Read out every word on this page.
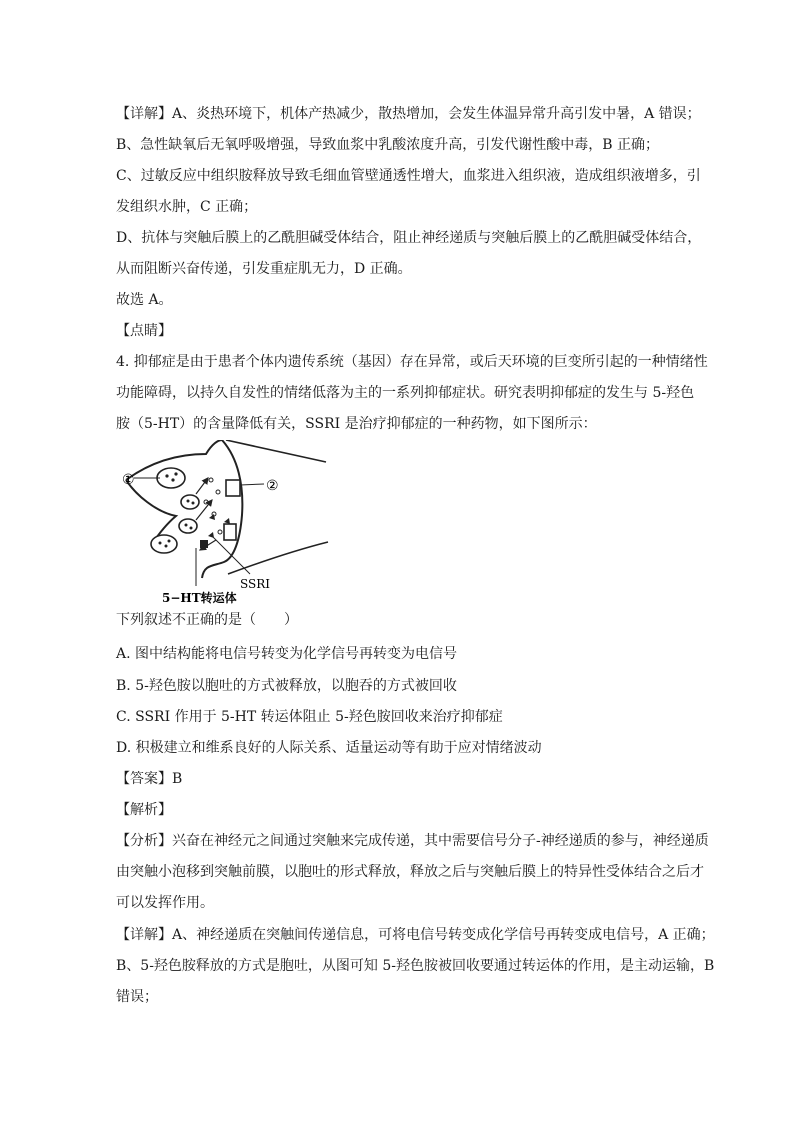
【详解】A、炎热环境下，机体产热减少，散热增加，会发生体温异常升高引发中暑，A 错误；
B、急性缺氧后无氧呼吸增强，导致血浆中乳酸浓度升高，引发代谢性酸中毒，B 正确；
C、过敏反应中组织胺释放导致毛细血管壁通透性增大，血浆进入组织液，造成组织液增多，引
发组织水肿，C 正确；
D、抗体与突触后膜上的乙酰胆碱受体结合，阻止神经递质与突触后膜上的乙酰胆碱受体结合，
从而阻断兴奋传递，引发重症肌无力，D 正确。
故选 A。
【点睛】
4. 抑郁症是由于患者个体内遗传系统（基因）存在异常，或后天环境的巨变所引起的一种情绪性
功能障碍，以持久自发性的情绪低落为主的一系列抑郁症状。研究表明抑郁症的发生与 5-羟色
胺（5-HT）的含量降低有关，SSRI 是治疗抑郁症的一种药物，如下图所示：
①	②
SSRI
5−HT转运体
下列叙述不正确的是（　　）
A. 图中结构能将电信号转变为化学信号再转变为电信号
B. 5-羟色胺以胞吐的方式被释放，以胞吞的方式被回收
C. SSRI 作用于 5-HT 转运体阻止 5-羟色胺回收来治疗抑郁症
D. 积极建立和维系良好的人际关系、适量运动等有助于应对情绪波动
【答案】B
【解析】
【分析】兴奋在神经元之间通过突触来完成传递，其中需要信号分子-神经递质的参与，神经递质
由突触小泡移到突触前膜，以胞吐的形式释放，释放之后与突触后膜上的特异性受体结合之后才
可以发挥作用。
【详解】A、神经递质在突触间传递信息，可将电信号转变成化学信号再转变成电信号，A 正确；
B、5-羟色胺释放的方式是胞吐，从图可知 5-羟色胺被回收要通过转运体的作用，是主动运输，B
错误；
